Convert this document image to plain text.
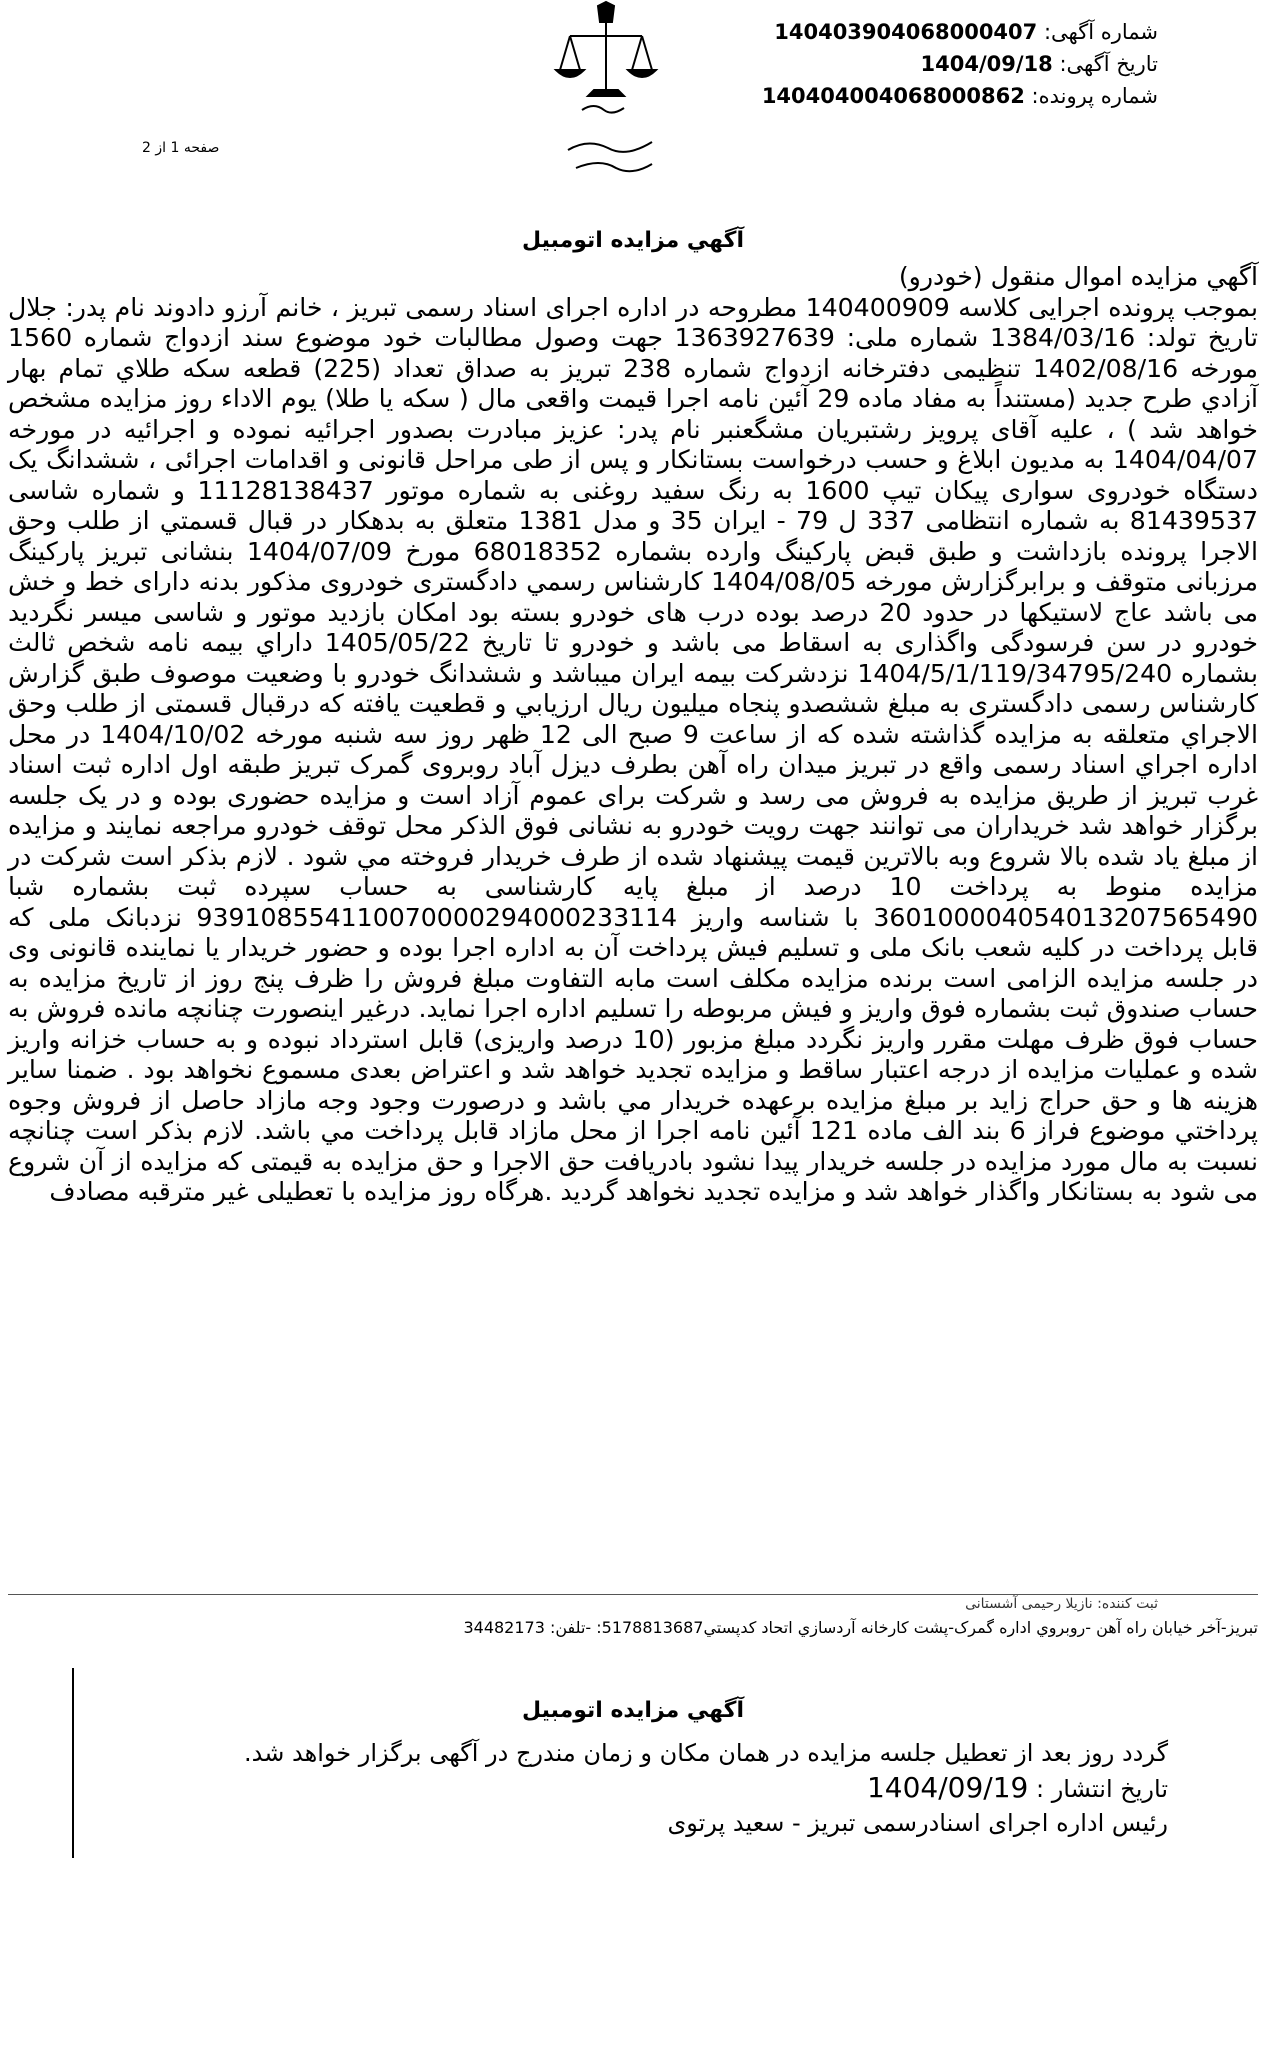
شماره آگهی: 14040390406800040​7
تاریخ آگهی: 1404/09/18
شماره پرونده: 14040400406800086​2
صفحه 1 از 2
آگهي مزايده اتومبيل
آگهي مزايده اموال منقول (خودرو)
بموجب پرونده اجرایی کلاسه 140400909 مطروحه در اداره اجرای اسناد رسمی تبریز ، خانم آرزو دادوند نام پدر: جلال تاریخ تولد: 1384/03/16 شماره ملی: 1363927639 جهت وصول مطالبات خود موضوع سند ازدواج شماره 1560 مورخه 1402/08/16 تنظیمی دفترخانه ازدواج شماره 238 تبریز به صداق تعداد (225) قطعه سکه طلاي تمام بهار آزادي طرح جدید (مستنداً به مفاد ماده 29 آئین نامه اجرا قیمت واقعی مال ( سکه یا طلا) یوم الاداء روز مزایده مشخص خواهد شد ) ، علیه آقای پرویز رشتبریان مشگعنبر نام پدر: عزیز مبادرت بصدور اجرائیه نموده و اجرائیه در مورخه 1404/04/07 به مدیون ابلاغ و حسب درخواست بستانکار و پس از طی مراحل قانونی و اقدامات اجرائی ، ششدانگ یک دستگاه خودروی سواری پیکان تیپ 1600 به رنگ سفید روغنی به شماره موتور 11128138437 و شماره شاسی 81439537 به شماره انتظامی 337 ل 79 - ایران 35 و مدل 1381 متعلق به بدهکار در قبال قسمتي از طلب وحق الاجرا پرونده بازداشت و طبق قبض پارکینگ وارده بشماره 68018352 مورخ 1404/07/09 بنشانی تبریز پارکینگ مرزبانی متوقف و برابرگزارش مورخه 1404/08/05 کارشناس رسمي دادگستری خودروی مذکور بدنه دارای خط و خش می باشد عاج لاستیکها در حدود 20 درصد بوده درب های خودرو بسته بود امکان بازدید موتور و شاسی میسر نگردید خودرو در سن فرسودگی واگذاری به اسقاط می باشد و خودرو تا تاریخ 1405/05/22 داراي بیمه نامه شخص ثالث بشماره 1404/5/1/119/34795/240 نزدشرکت بیمه ایران میباشد و ششدانگ خودرو با وضعیت موصوف طبق گزارش کارشناس رسمی دادگستری به مبلغ ششصدو پنجاه میلیون ریال ارزیابي و قطعیت یافته که درقبال قسمتی از طلب وحق الاجراي متعلقه به مزایده گذاشته شده که از ساعت 9 صبح الی 12 ظهر روز سه شنبه مورخه 1404/10/02 در محل اداره اجراي اسناد رسمی واقع در تبریز میدان راه آهن بطرف دیزل آباد روبروی گمرک تبریز طبقه اول اداره ثبت اسناد غرب تبریز از طریق مزایده به فروش می رسد و شرکت برای عموم آزاد است و مزایده حضوری بوده و در یک جلسه برگزار خواهد شد خریداران می توانند جهت رویت خودرو به نشانی فوق الذکر محل توقف خودرو مراجعه نمایند و مزایده از مبلغ یاد شده بالا شروع وبه بالاترین قیمت پیشنهاد شده از طرف خریدار فروخته مي شود . لازم بذکر است شرکت در مزایده منوط به پرداخت 10 درصد از مبلغ پایه کارشناسی به حساب سپرده ثبت بشماره شبا 360100004054013207565490 با شناسه واریز 939108554110070000294000233114 نزدبانک ملی که قابل پرداخت در کلیه شعب بانک ملی و تسلیم فیش پرداخت آن به اداره اجرا بوده و حضور خریدار یا نماینده قانونی وی در جلسه مزایده الزامی است برنده مزایده مکلف است مابه التفاوت مبلغ فروش را ظرف پنج روز از تاریخ مزایده به حساب صندوق ثبت بشماره فوق واریز و فیش مربوطه را تسلیم اداره اجرا نماید. درغیر اینصورت چنانچه مانده فروش به حساب فوق ظرف مهلت مقرر واریز نگردد مبلغ مزبور (10 درصد واریزی) قابل استرداد نبوده و به حساب خزانه واریز شده و عملیات مزایده از درجه اعتبار ساقط و مزایده تجدید خواهد شد و اعتراض بعدی مسموع نخواهد بود . ضمنا سایر هزینه ها و حق حراج زاید بر مبلغ مزایده برعهده خریدار مي باشد و درصورت وجود وجه مازاد حاصل از فروش وجوه پرداختي موضوع فراز 6 بند الف ماده 121 آئین نامه اجرا از محل مازاد قابل پرداخت مي باشد. لازم بذکر است چنانچه نسبت به مال مورد مزایده در جلسه خریدار پیدا نشود بادریافت حق الاجرا و حق مزایده به قیمتی که مزایده از آن شروع می شود به بستانکار واگذار خواهد شد و مزایده تجدید نخواهد گردید .هرگاه روز مزایده با تعطیلی غیر مترقبه مصادف
ثبت کننده: نازیلا رحیمی آشستانی
تبریز-آخر خیابان راه آهن -روبروي اداره گمرک-پشت کارخانه آردسازي اتحاد کدپستي5178813687: -تلفن: 34482173
آگهي مزايده اتومبيل
گردد روز بعد از تعطیل جلسه مزایده در همان مکان و زمان مندرج در آگهی برگزار خواهد شد.
تاریخ انتشار : 1404/09/19
رئیس اداره اجرای اسنادرسمی تبریز - سعید پرتوی
